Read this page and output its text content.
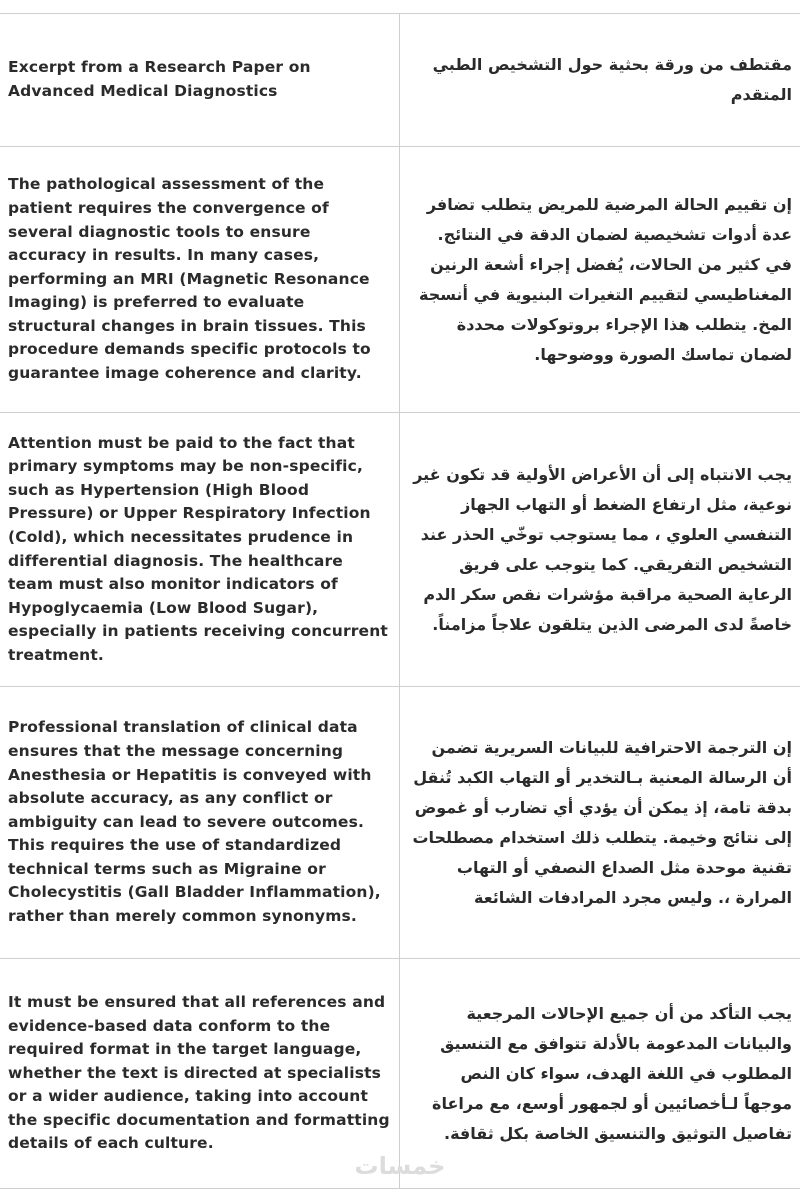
Excerpt from a Research Paper on Advanced Medical Diagnostics

مقتطف من ورقة بحثية حول التشخيص الطبي المتقدم

The pathological assessment of the patient requires the convergence of several diagnostic tools to ensure accuracy in results. In many cases, performing an MRI (Magnetic Resonance Imaging) is preferred to evaluate structural changes in brain tissues. This procedure demands specific protocols to guarantee image coherence and clarity.

إن تقييم الحالة المرضية للمريض يتطلب تضافر عدة أدوات تشخيصية لضمان الدقة في النتائج. في كثير من الحالات، يُفضل إجراء أشعة الرنين المغناطيسي لتقييم التغيرات البنيوية في أنسجة المخ. يتطلب هذا الإجراء بروتوكولات محددة لضمان تماسك الصورة ووضوحها.

Attention must be paid to the fact that primary symptoms may be non-specific, such as Hypertension (High Blood Pressure) or Upper Respiratory Infection (Cold), which necessitates prudence in differential diagnosis. The healthcare team must also monitor indicators of Hypoglycaemia (Low Blood Sugar), especially in patients receiving concurrent treatment.

يجب الانتباه إلى أن الأعراض الأولية قد تكون غير نوعية، مثل ارتفاع الضغط أو التهاب الجهاز التنفسي العلوي ، مما يستوجب توخّي الحذر عند التشخيص التفريقي. كما يتوجب على فريق الرعاية الصحية مراقبة مؤشرات نقص سكر الدم خاصةً لدى المرضى الذين يتلقون علاجاً مزامناً.

Professional translation of clinical data ensures that the message concerning Anesthesia or Hepatitis is conveyed with absolute accuracy, as any conflict or ambiguity can lead to severe outcomes. This requires the use of standardized technical terms such as Migraine or Cholecystitis (Gall Bladder Inflammation), rather than merely common synonyms.

إن الترجمة الاحترافية للبيانات السريرية تضمن أن الرسالة المعنية بـالتخدير أو التهاب الكبد تُنقل بدقة تامة، إذ يمكن أن يؤدي أي تضارب أو غموض إلى نتائج وخيمة. يتطلب ذلك استخدام مصطلحات تقنية موحدة مثل الصداع النصفي أو التهاب المرارة ،. وليس مجرد المرادفات الشائعة

It must be ensured that all references and evidence-based data conform to the required format in the target language, whether the text is directed at specialists or a wider audience, taking into account the specific documentation and formatting details of each culture.

يجب التأكد من أن جميع الإحالات المرجعية والبيانات المدعومة بالأدلة تتوافق مع التنسيق المطلوب في اللغة الهدف، سواء كان النص موجهاً لـأخصائيين أو لجمهور أوسع، مع مراعاة تفاصيل التوثيق والتنسيق الخاصة بكل ثقافة.

خمسات
